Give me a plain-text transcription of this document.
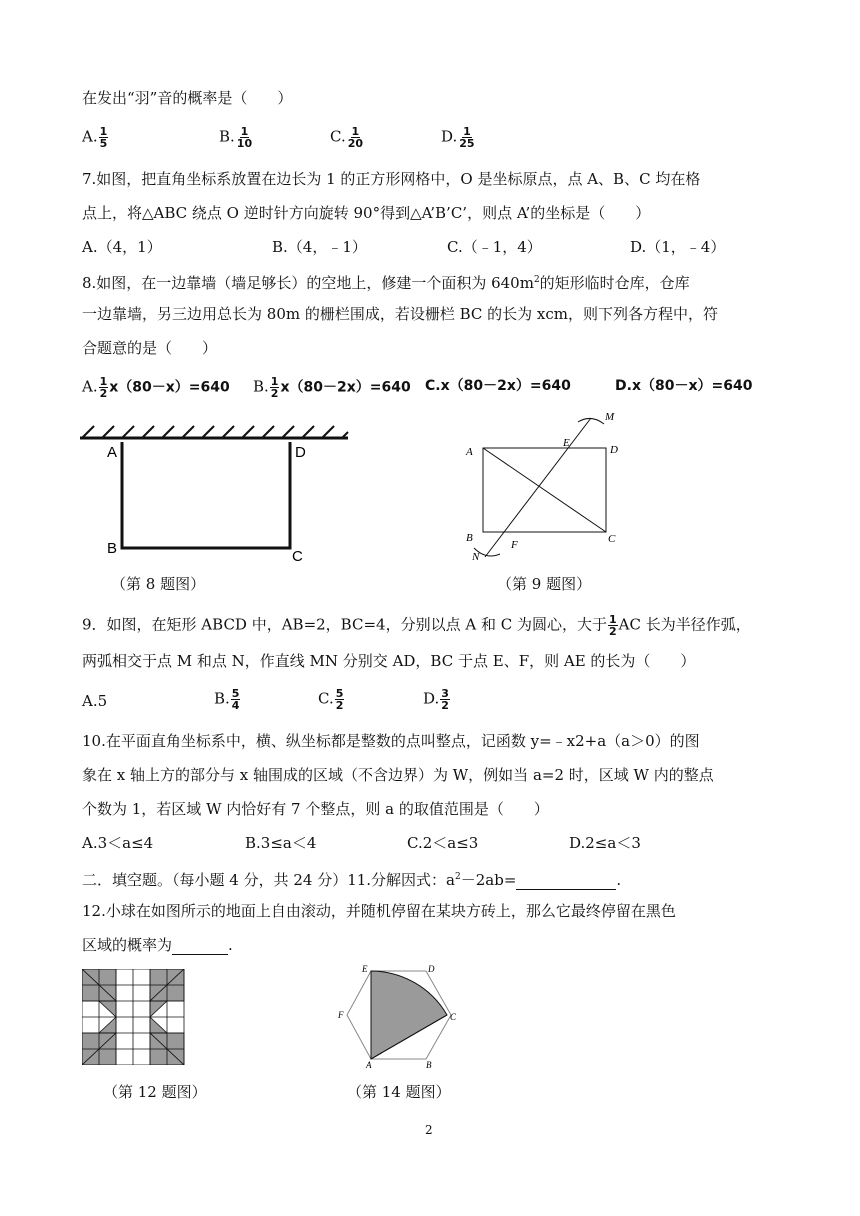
在发出“羽”音的概率是（　　）
A. $\frac{1}{5}$	B. $\frac{1}{10}$	C. $\frac{1}{20}$	D. $\frac{1}{25}$
7.如图，把直角坐标系放置在边长为 1 的正方形网格中，O 是坐标原点，点 A、B、C 均在格
点上，将△ABC 绕点 O 逆时针方向旋转 90°得到△A’B’C’，则点 A’的坐标是（　　）
A.（4，1）	B.（4，﹣1）	C.（﹣1，4）	D.（1，﹣4）
8.如图，在一边靠墙（墙足够长）的空地上，修建一个面积为 $640m^2$的矩形临时仓库，仓库
一边靠墙，另三边用总长为 80m 的栅栏围成，若设栅栏 BC 的长为 xcm，则下列各方程中，符
合题意的是（　　）
A. $\frac{1}{2} x(80-x)=640$ B. $\frac{1}{2} x(80-2x)=640$ C.x（80－2x）=640	D.x（80－x）=640
A	D
B	C
（第 8 题图）
A	D
B	C
E
F
M
N
（第 9 题图）
9．如图，在矩形 ABCD 中，AB=2，BC=4，分别以点 A 和 C 为圆心，大于 $\frac{1}{2}$ AC 长为半径作弧，
两弧相交于点 M 和点 N，作直线 MN 分别交 AD，BC 于点 E、F，则 AE 的长为（　　）
A.5	B. $\frac{5}{4}$	C. $\frac{5}{2}$	D. $\frac{3}{2}$
10.在平面直角坐标系中，横、纵坐标都是整数的点叫整点，记函数 y=﹣x2+a（a＞0）的图
象在 x 轴上方的部分与 x 轴围成的区域（不含边界）为 W，例如当 a=2 时，区域 W 内的整点
个数为 1，若区域 W 内恰好有 7 个整点，则 a 的取值范围是（　　）
A.3＜a≤4	B.3≤a＜4	C.2＜a≤3	D.2≤a＜3
二．填空题。（每小题 4 分，共 24 分）11.分解因式：$a^2-2ab=$	.
12.小球在如图所示的地面上自由滚动，并随机停留在某块方砖上，那么它最终停留在黑色
区域的概率为	.
（第 12 题图）
E	D
C
F
A	B
（第 14 题图）
2
